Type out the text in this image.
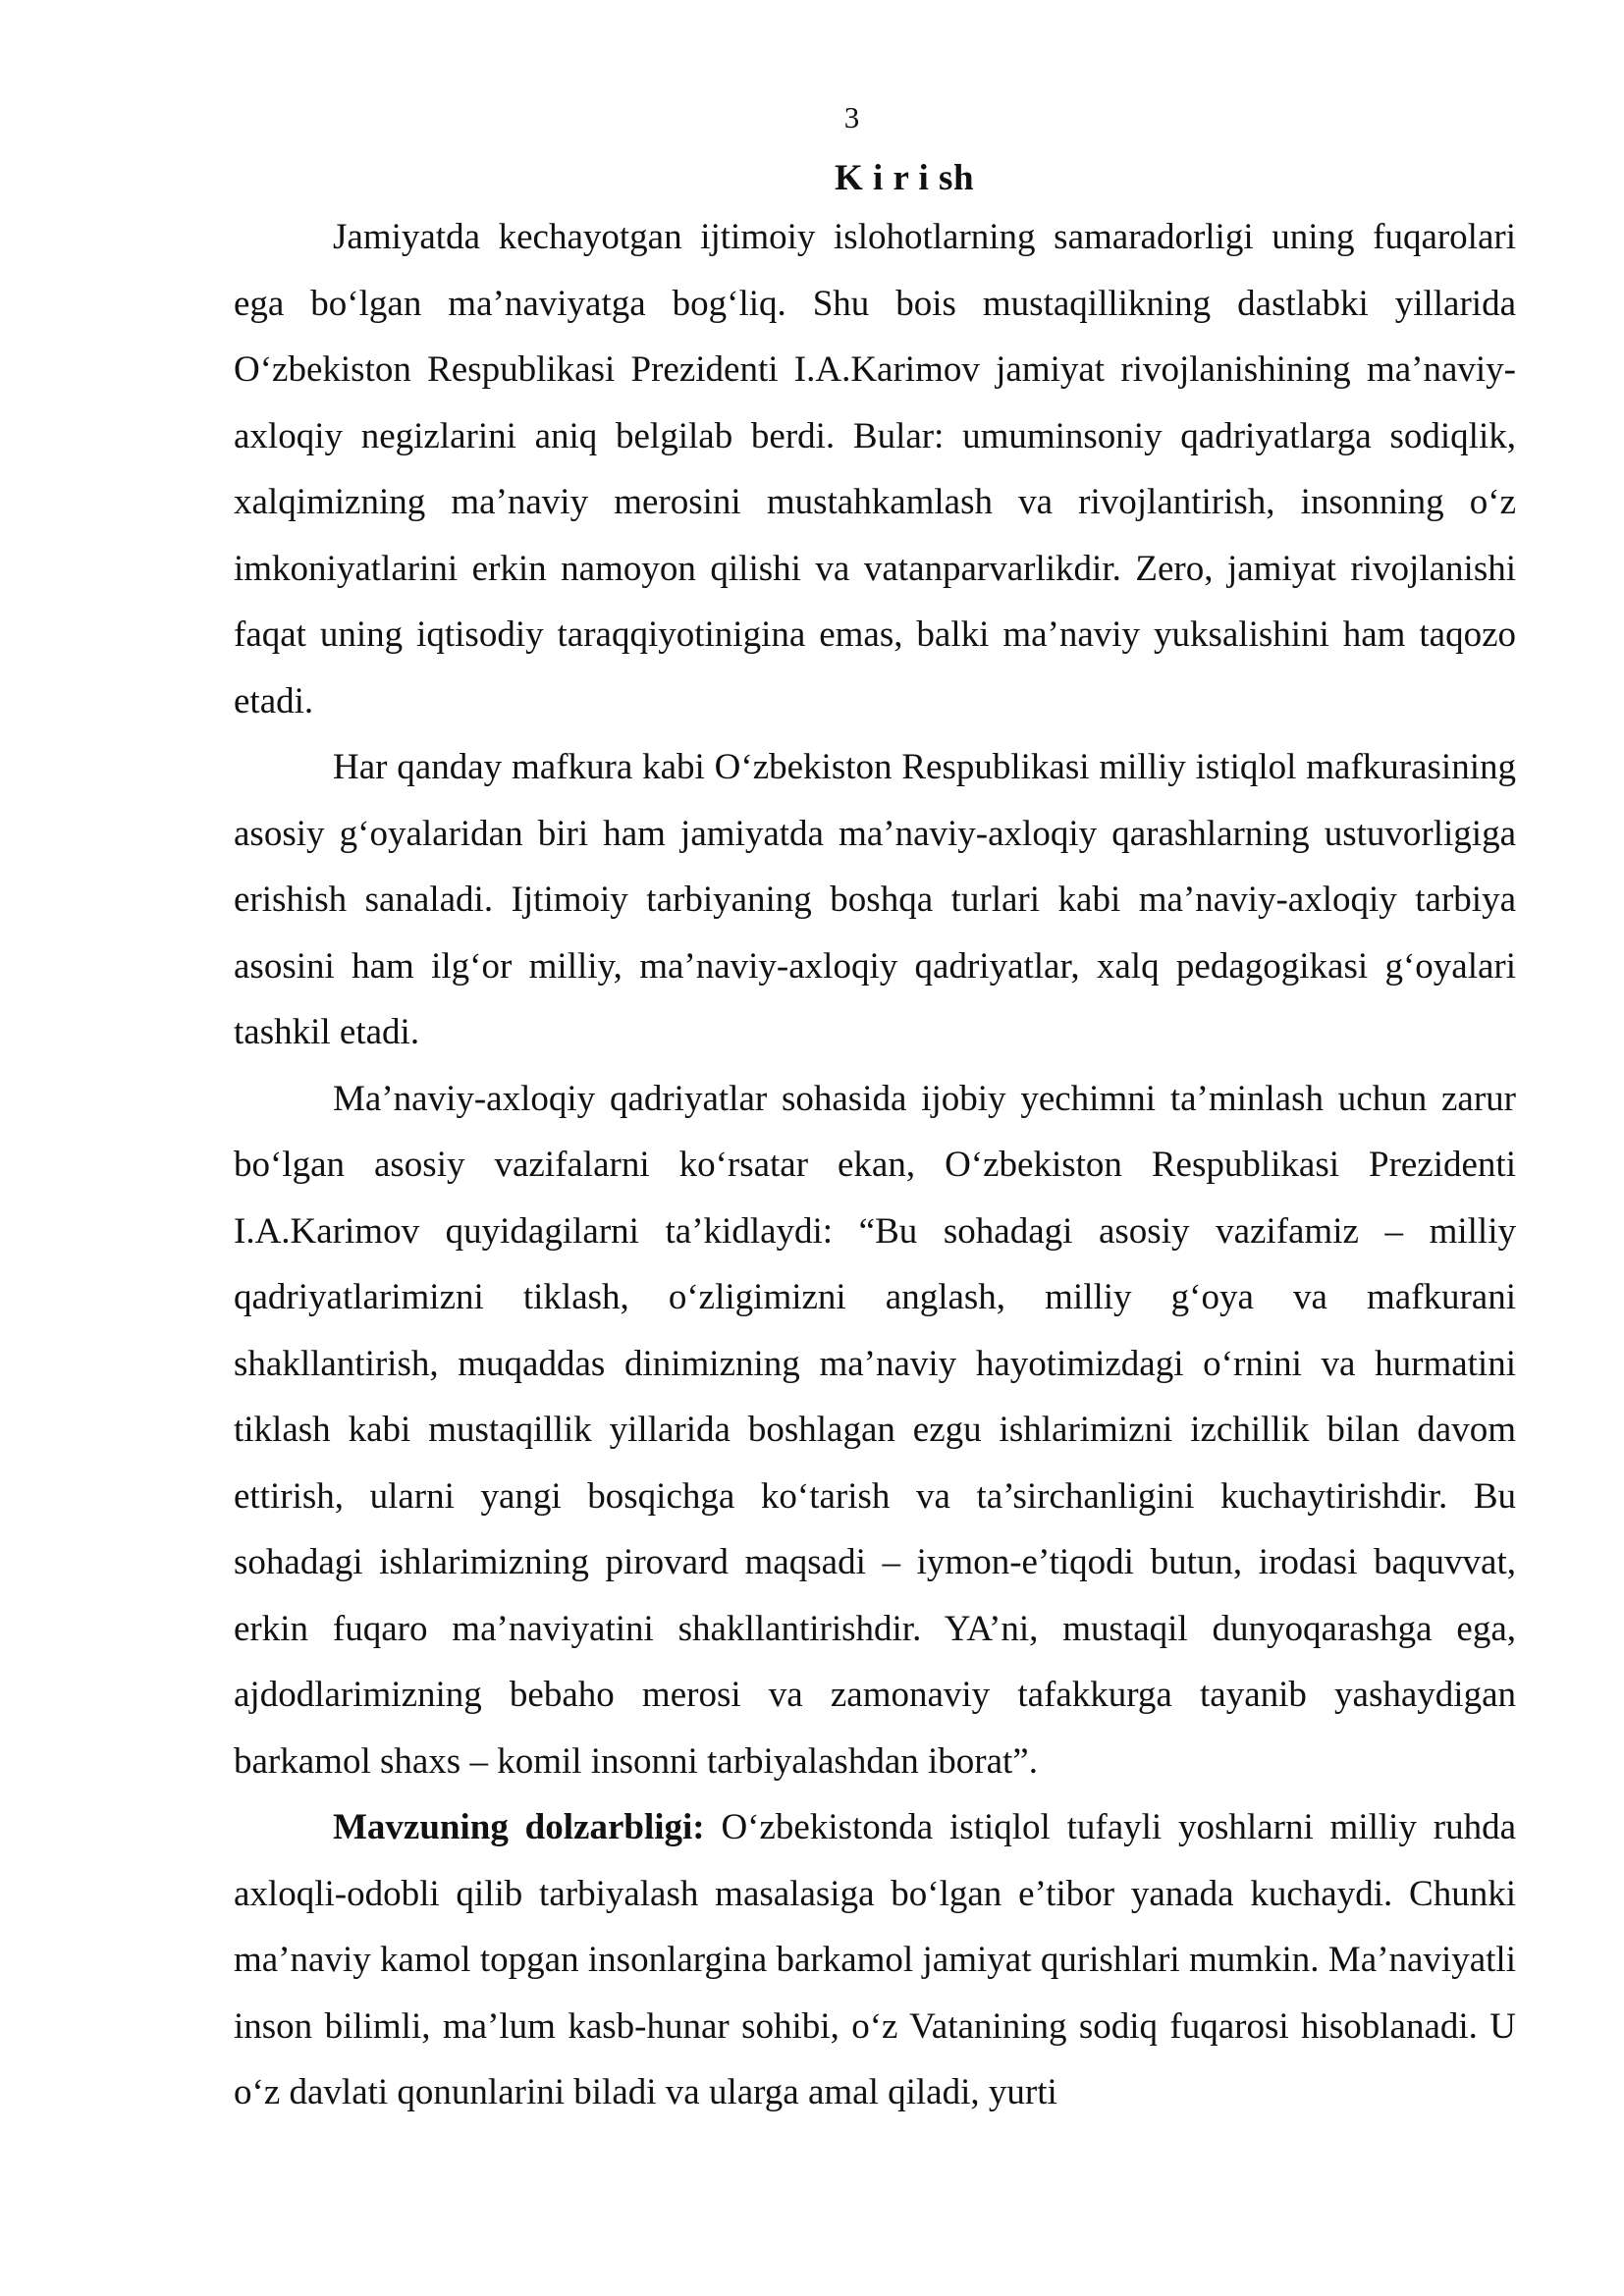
3
K i r i sh

Jamiyatda kechayotgan ijtimoiy islohotlarning samaradorligi uning fuqarolari ega bo‘lgan ma’naviyatga bog‘liq. Shu bois mustaqillikning dastlabki yillarida O‘zbekiston Respublikasi Prezidenti I.A.Karimov jamiyat rivojlanishining ma’naviy-axloqiy negizlarini aniq belgilab berdi. Bular: umuminsoniy qadriyatlarga sodiqlik, xalqimizning ma’naviy merosini mustahkamlash va rivojlantirish, insonning o‘z imkoniyatlarini erkin namoyon qilishi va vatanparvarlikdir. Zero, jamiyat rivojlanishi faqat uning iqtisodiy taraqqiyotinigina emas, balki ma’naviy yuksalishini ham taqozo etadi.

Har qanday mafkura kabi O‘zbekiston Respublikasi milliy istiqlol mafkurasining asosiy g‘oyalaridan biri ham jamiyatda ma’naviy-axloqiy qarashlarning ustuvorligiga erishish sanaladi. Ijtimoiy tarbiyaning boshqa turlari kabi ma’naviy-axloqiy tarbiya asosini ham ilg‘or milliy, ma’naviy-axloqiy qadriyatlar, xalq pedagogikasi g‘oyalari tashkil etadi.

Ma’naviy-axloqiy qadriyatlar sohasida ijobiy yechimni ta’minlash uchun zarur bo‘lgan asosiy vazifalarni ko‘rsatar ekan, O‘zbekiston Respublikasi Prezidenti I.A.Karimov quyidagilarni ta’kidlaydi: “Bu sohadagi asosiy vazifamiz – milliy qadriyatlarimizni tiklash, o‘zligimizni anglash, milliy g‘oya va mafkurani shakllantirish, muqaddas dinimizning ma’naviy hayotimizdagi o‘rnini va hurmatini tiklash kabi mustaqillik yillarida boshlagan ezgu ishlarimizni izchillik bilan davom ettirish, ularni yangi bosqichga ko‘tarish va ta’sirchanligini kuchaytirishdir. Bu sohadagi ishlarimizning pirovard maqsadi – iymon-e’tiqodi butun, irodasi baquvvat, erkin fuqaro ma’naviyatini shakllantirishdir. YA’ni, mustaqil dunyoqarashga ega, ajdodlarimizning bebaho merosi va zamonaviy tafakkurga tayanib yashaydigan barkamol shaxs – komil insonni tarbiyalashdan iborat”.

Mavzuning dolzarbligi: O‘zbekistonda istiqlol tufayli yoshlarni milliy ruhda axloqli-odobli qilib tarbiyalash masalasiga bo‘lgan e’tibor yanada kuchaydi. Chunki ma’naviy kamol topgan insonlargina barkamol jamiyat qurishlari mumkin. Ma’naviyatli inson bilimli, ma’lum kasb-hunar sohibi, o‘z Vatanining sodiq fuqarosi hisoblanadi. U o‘z davlati qonunlarini biladi va ularga amal qiladi, yurti
